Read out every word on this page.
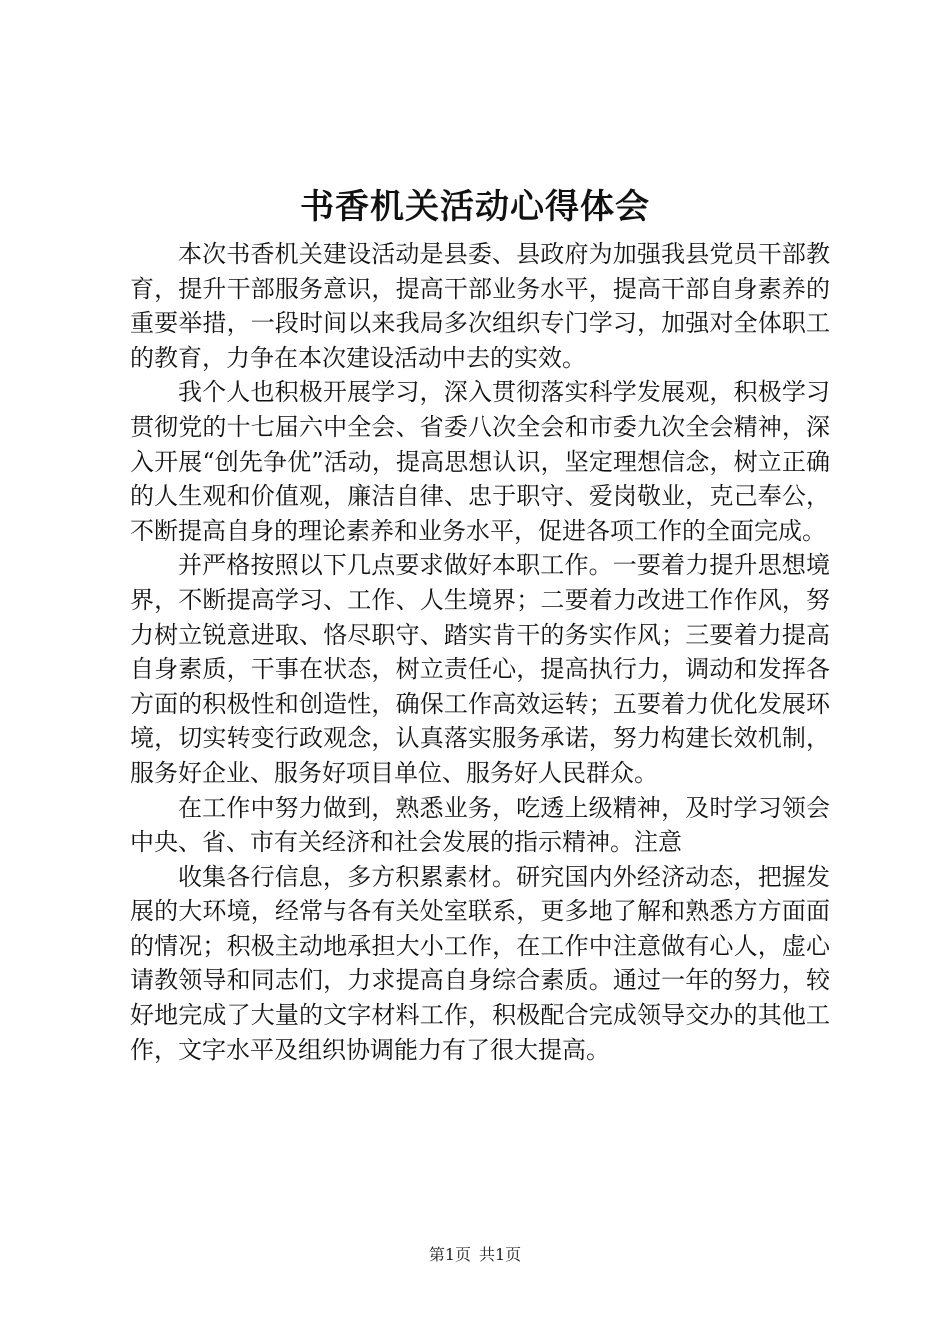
书香机关活动心得体会

本次书香机关建设活动是县委、县政府为加强我县党员干部教育，提升干部服务意识，提高干部业务水平，提高干部自身素养的重要举措，一段时间以来我局多次组织专门学习，加强对全体职工的教育，力争在本次建设活动中去的实效。

我个人也积极开展学习，深入贯彻落实科学发展观，积极学习贯彻党的十七届六中全会、省委八次全会和市委九次全会精神，深入开展“创先争优”活动，提高思想认识，坚定理想信念，树立正确的人生观和价值观，廉洁自律、忠于职守、爱岗敬业，克己奉公，不断提高自身的理论素养和业务水平，促进各项工作的全面完成。

并严格按照以下几点要求做好本职工作。一要着力提升思想境界，不断提高学习、工作、人生境界；二要着力改进工作作风，努力树立锐意进取、恪尽职守、踏实肯干的务实作风；三要着力提高自身素质，干事在状态，树立责任心，提高执行力，调动和发挥各方面的积极性和创造性，确保工作高效运转；五要着力优化发展环境，切实转变行政观念，认真落实服务承诺，努力构建长效机制，服务好企业、服务好项目单位、服务好人民群众。

在工作中努力做到，熟悉业务，吃透上级精神，及时学习领会中央、省、市有关经济和社会发展的指示精神。注意

收集各行信息，多方积累素材。研究国内外经济动态，把握发展的大环境，经常与各有关处室联系，更多地了解和熟悉方方面面的情况；积极主动地承担大小工作，在工作中注意做有心人，虚心请教领导和同志们，力求提高自身综合素质。通过一年的努力，较好地完成了大量的文字材料工作，积极配合完成领导交办的其他工作，文字水平及组织协调能力有了很大提高。

第1页 共1页
